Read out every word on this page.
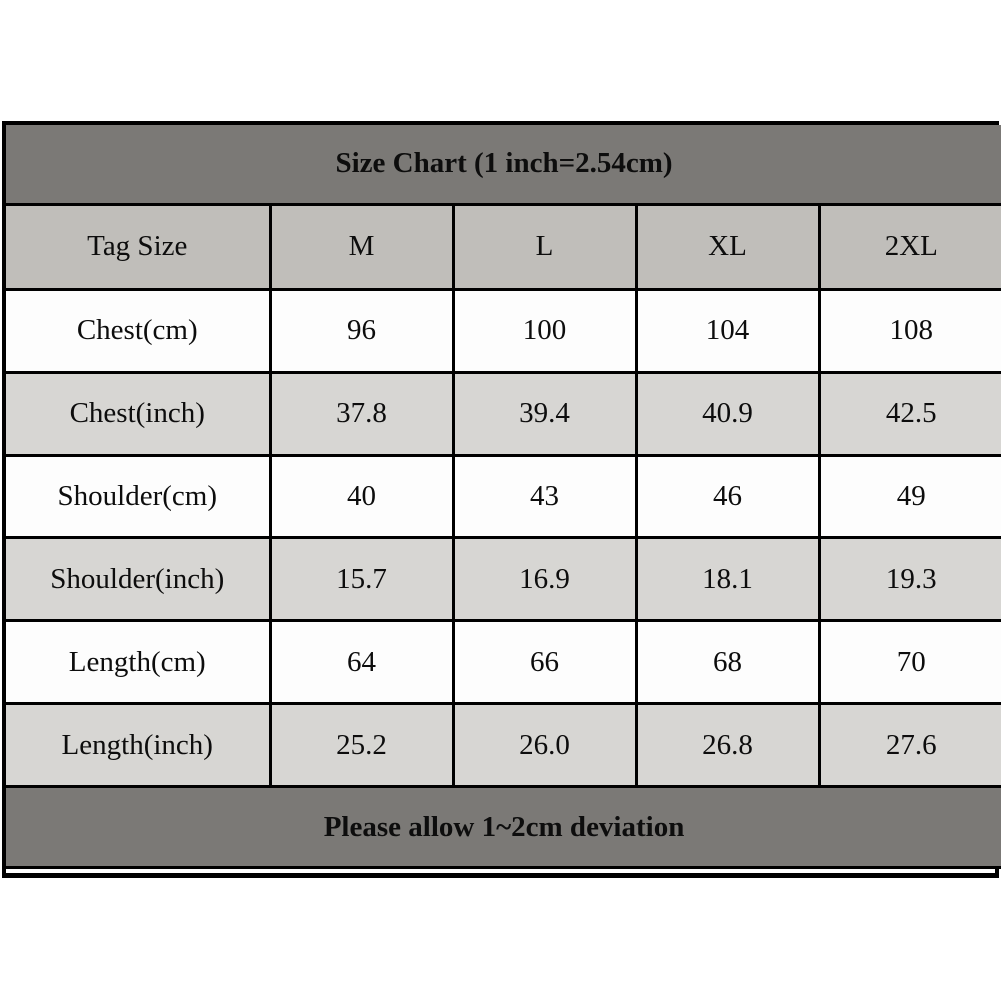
Size Chart (1 inch=2.54cm)				
Tag Size	M	L	XL	2XL
Chest(cm)	96	100	104	108
Chest(inch)	37.8	39.4	40.9	42.5
Shoulder(cm)	40	43	46	49
Shoulder(inch)	15.7	16.9	18.1	19.3
Length(cm)	64	66	68	70
Length(inch)	25.2	26.0	26.8	27.6
Please allow 1~2cm deviation				
